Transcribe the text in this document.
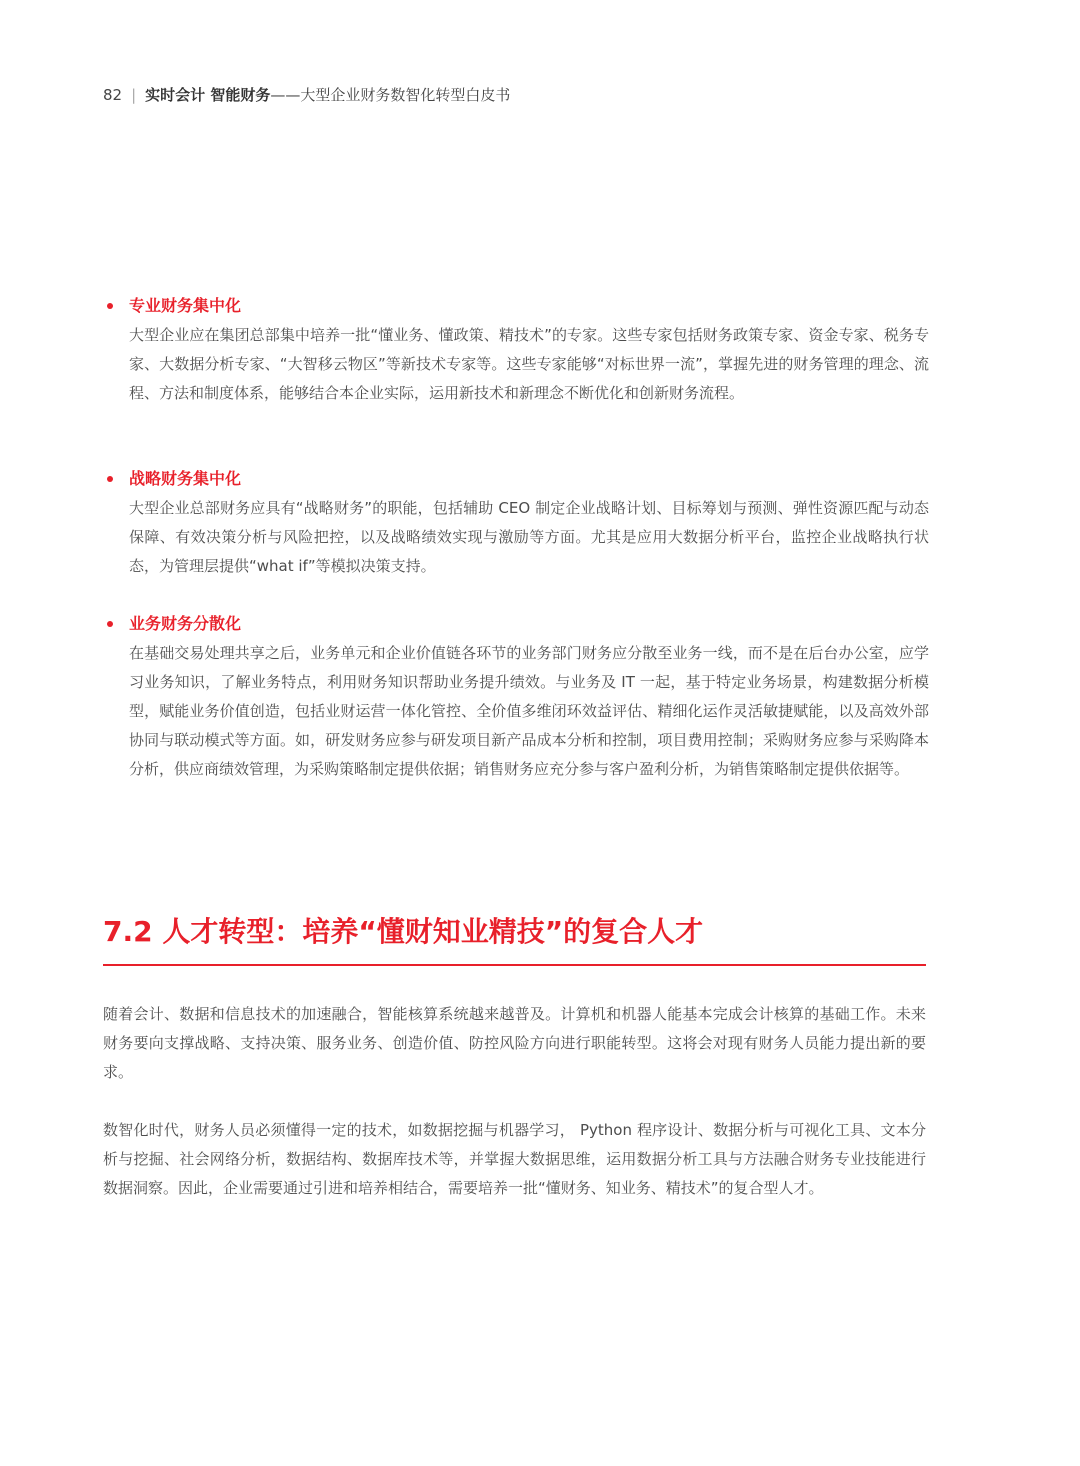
82 | 实时会计 智能财务——大型企业财务数智化转型白皮书
专业财务集中化
大型企业应在集团总部集中培养一批“懂业务、懂政策、精技术”的专家。这些专家包括财务政策专家、资金专家、税务专家、大数据分析专家、“大智移云物区”等新技术专家等。这些专家能够“对标世界一流”，掌握先进的财务管理的理念、流程、方法和制度体系，能够结合本企业实际，运用新技术和新理念不断优化和创新财务流程。
战略财务集中化
大型企业总部财务应具有“战略财务”的职能，包括辅助 CEO 制定企业战略计划、目标筹划与预测、弹性资源匹配与动态保障、有效决策分析与风险把控，以及战略绩效实现与激励等方面。尤其是应用大数据分析平台，监控企业战略执行状态，为管理层提供“what if”等模拟决策支持。
业务财务分散化
在基础交易处理共享之后，业务单元和企业价值链各环节的业务部门财务应分散至业务一线，而不是在后台办公室，应学习业务知识，了解业务特点，利用财务知识帮助业务提升绩效。与业务及 IT 一起，基于特定业务场景，构建数据分析模型，赋能业务价值创造，包括业财运营一体化管控、全价值多维闭环效益评估、精细化运作灵活敏捷赋能，以及高效外部协同与联动模式等方面。如，研发财务应参与研发项目新产品成本分析和控制，项目费用控制；采购财务应参与采购降本分析，供应商绩效管理，为采购策略制定提供依据；销售财务应充分参与客户盈利分析，为销售策略制定提供依据等。
7.2 人才转型：培养“懂财知业精技”的复合人才
随着会计、数据和信息技术的加速融合，智能核算系统越来越普及。计算机和机器人能基本完成会计核算的基础工作。未来财务要向支撑战略、支持决策、服务业务、创造价值、防控风险方向进行职能转型。这将会对现有财务人员能力提出新的要求。
数智化时代，财务人员必须懂得一定的技术，如数据挖掘与机器学习， Python 程序设计、数据分析与可视化工具、文本分析与挖掘、社会网络分析，数据结构、数据库技术等，并掌握大数据思维，运用数据分析工具与方法融合财务专业技能进行数据洞察。因此，企业需要通过引进和培养相结合，需要培养一批“懂财务、知业务、精技术”的复合型人才。
